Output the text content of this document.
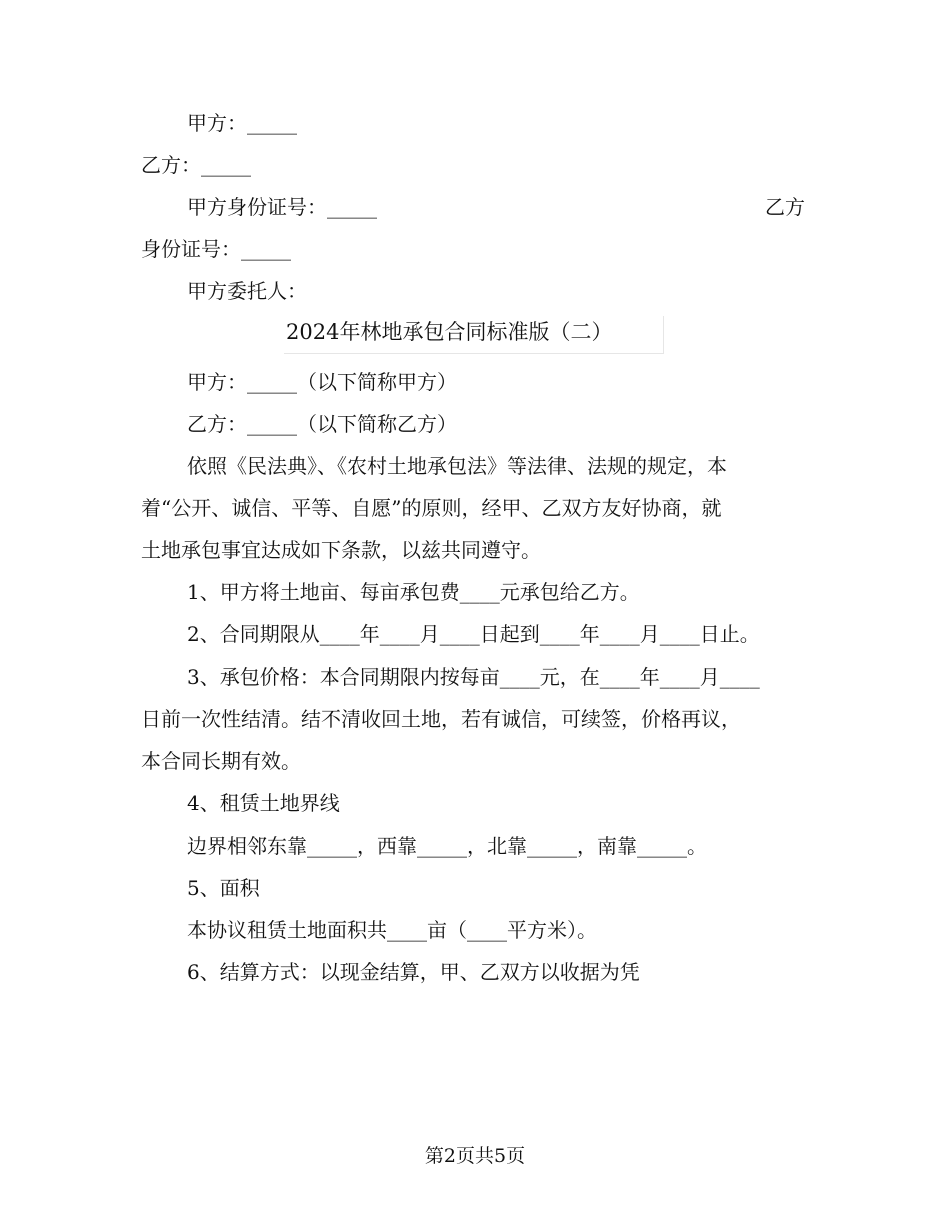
甲方：_____
乙方：_____
甲方身份证号：_____	乙方
身份证号：_____
甲方委托人：
2024年林地承包合同标准版（二）
甲方：_____（以下简称甲方）
乙方：_____（以下简称乙方）
依照《民法典》、《农村土地承包法》等法律、法规的规定，本
着“公开、诚信、平等、自愿”的原则，经甲、乙双方友好协商，就
土地承包事宜达成如下条款，以兹共同遵守。
1、甲方将土地亩、每亩承包费____元承包给乙方。
2、合同期限从____年____月____日起到____年____月____日止。
3、承包价格：本合同期限内按每亩____元，在____年____月____
日前一次性结清。结不清收回土地，若有诚信，可续签，价格再议，
本合同长期有效。
4、租赁土地界线
边界相邻东靠_____，西靠_____，北靠_____，南靠_____。
5、面积
本协议租赁土地面积共____亩（____平方米）。
6、结算方式：以现金结算，甲、乙双方以收据为凭
第2页共5页
